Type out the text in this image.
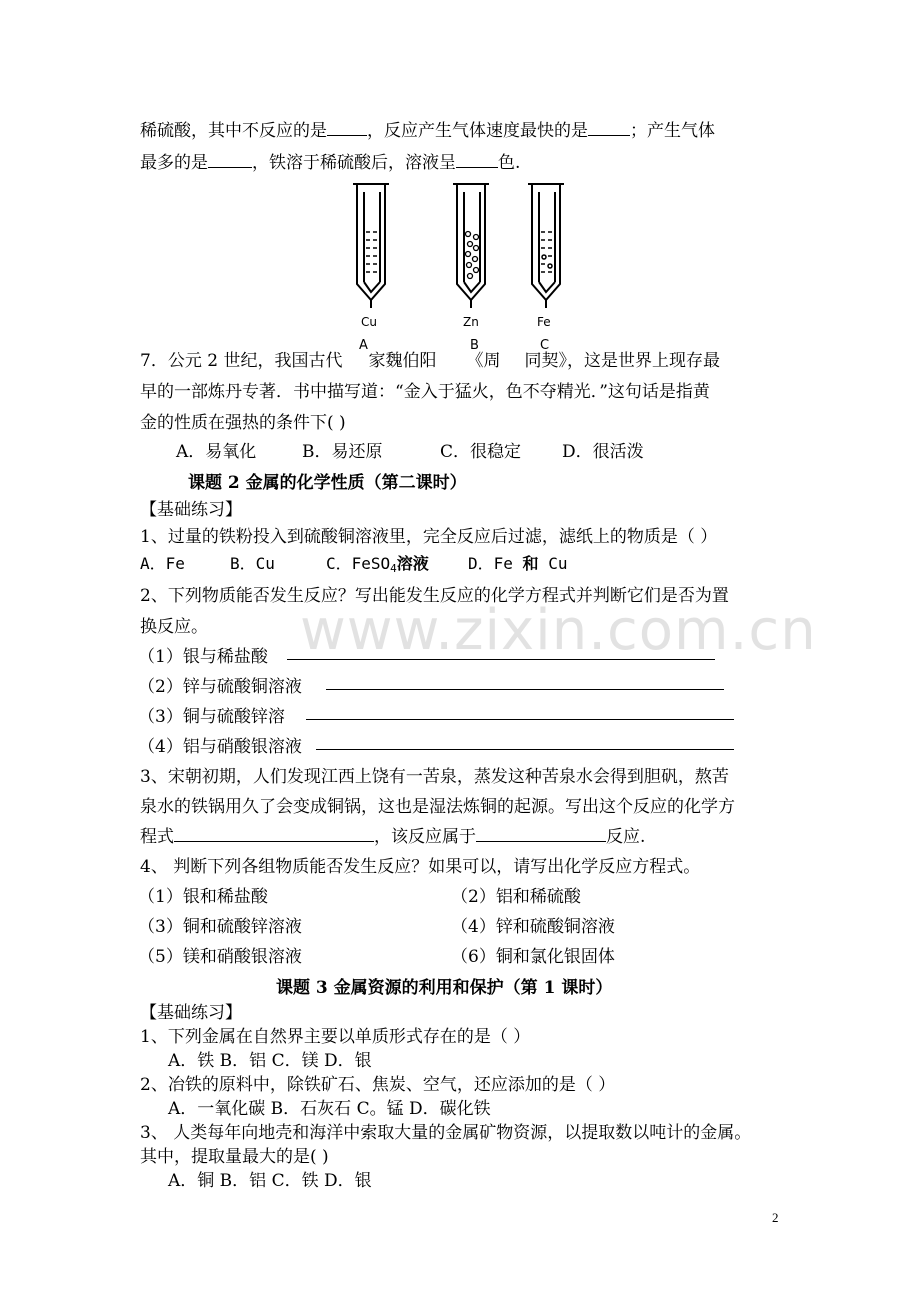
稀硫酸，其中不反应的是 ，反应产生气体速度最快的是 ；产生气体
最多的是	，铁溶于稀硫酸后，溶液呈 色.
Cu	Zn	Fe
A	B	C
7．公元 2 世纪，我国古代 家魏伯阳 《周 同契》，这是世界上现存最
早的一部炼丹专著．书中描写道：“金入于猛火，色不夺精光．”这句话是指黄
金的性质在强热的条件下( )
A．易氧化	B．易还原	C．很稳定 D．很活泼
课题 2 金属的化学性质（第二课时）
【基础练习】
1、过量的铁粉投入到硫酸铜溶液里，完全反应后过滤，滤纸上的物质是（ ）
A．Fe	B．Cu	C．FeSO$_4$溶液 D．Fe 和 Cu
2、下列物质能否发生反应？写出能发生反应的化学方程式并判断它们是否为置
换反应。
（1）银与稀盐酸
（2）锌与硫酸铜溶液
（3）铜与硫酸锌溶
（4）铝与硝酸银溶液
3、宋朝初期，人们发现江西上饶有一苦泉，蒸发这种苦泉水会得到胆矾，熬苦
泉水的铁锅用久了会变成铜锅，这也是湿法炼铜的起源。写出这个反应的化学方
程式	，该反应属于	反应.
4、 判断下列各组物质能否发生反应？如果可以，请写出化学反应方程式。
（1）银和稀盐酸	（2）铝和稀硫酸
（3）铜和硫酸锌溶液	（4）锌和硫酸铜溶液
（5）镁和硝酸银溶液	（6）铜和氯化银固体
课题 3 金属资源的利用和保护（第 1 课时）
【基础练习】
1、下列金属在自然界主要以单质形式存在的是（ ）
A．铁 B．铝 C．镁 D．银
2、冶铁的原料中，除铁矿石、焦炭、空气，还应添加的是（ ）
A．一氧化碳 B．石灰石 C。锰 D．碳化铁
3、 人类每年向地壳和海洋中索取大量的金属矿物资源，以提取数以吨计的金属。
其中，提取量最大的是( )
A．铜 B．铝 C．铁 D．银
2
www.zixin.com.cn
